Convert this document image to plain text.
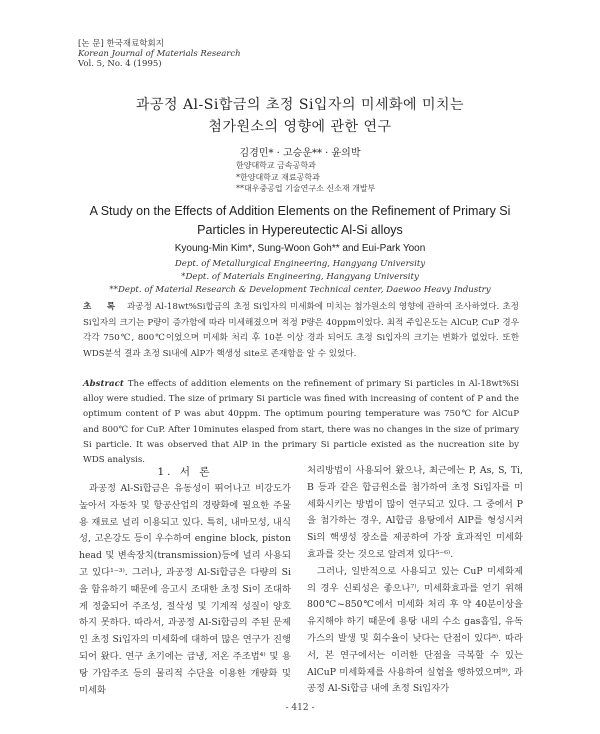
[논 문] 한국재료학회지
Korean Journal of Materials Research
Vol. 5, No. 4 (1995)
과공정 Al-Si합금의 초정 Si입자의 미세화에 미치는
첨가원소의 영향에 관한 연구
김경민* · 고승운** · 윤의박
한양대학교 금속공학과
*한양대학교 재료공학과
**대우중공업 기술연구소 신소재 개발부
A Study on the Effects of Addition Elements on the Refinement of Primary Si
Particles in Hypereutectic Al-Si alloys
Kyoung-Min Kim*, Sung-Woon Goh** and Eui-Park Yoon
Dept. of Metallurgical Engineering, Hangyang University
*Dept. of Materials Engineering, Hangyang University
**Dept. of Material Research & Development Technical center, Daewoo Heavy Industry
초 록 과공정 Al-18wt%Si합금의 초정 Si입자의 미세화에 미치는 첨가원소의 영향에 관하여 조사하였다. 초정Si입자의 크기는 P량이 증가함에 따라 미세해졌으며 적정 P량은 40ppm이었다. 최적 주입온도는 AlCuP, CuP 경우 각각 750℃, 800℃이었으며 미세화 처리 후 10분 이상 경과 되어도 초정 Si입자의 크기는 변화가 없었다. 또한 WDS분석 결과 초정 Si내에 AlP가 핵생성 site로 존재함을 알 수 있었다.
Abstract The effects of addition elements on the refinement of primary Si particles in Al-18wt%Si alloy were studied. The size of primary Si particle was fined with increasing of content of P and the optimum content of P was abut 40ppm. The optimum pouring temperature was 750℃ for AlCuP and 800℃ for CuP. After 10minutes elasped from start, there was no changes in the size of primary Si particle. It was observed that AlP in the primary Si particle existed as the nucreation site by WDS analysis.
1. 서 론

과공정 Al-Si합금은 유동성이 뛰어나고 비강도가 높아서 자동차 및 항공산업의 경량화에 필요한 주물용 재료로 널리 이용되고 있다. 특히, 내마모성, 내식성, 고온강도 등이 우수하여 engine block, piston head 및 변속장치(transmission)등에 널리 사용되고 있다¹⁻³⁾. 그러나, 과공정 Al-Si합금은 다량의 Si을 함유하기 때문에 응고시 조대한 초정 Si이 조대하게 정출되어 주조성, 절삭성 및 기계적 성질이 양호하지 못하다. 따라서, 과공정 Al-Si합금의 주된 문제인 초정 Si입자의 미세화에 대하여 많은 연구가 진행되어 왔다. 연구 초기에는 급냉, 저온 주조법⁴⁾ 및 용탕 가압주조 등의 물리적 수단을 이용한 개량화 및 미세화

처리방법이 사용되어 왔으나, 최근에는 P, As, S, Ti, B 등과 같은 합금원소를 첨가하여 초정 Si입자를 미세화시키는 방법이 많이 연구되고 있다. 그 중에서 P을 첨가하는 경우, Al합금 용탕에서 AlP를 형성시켜 Si의 핵생성 장소를 제공하여 가장 효과적인 미세화 효과를 갖는 것으로 알려져 있다⁵⁻⁶⁾.

그러나, 일반적으로 사용되고 있는 CuP 미세화제의 경우 신뢰성은 좋으나⁷⁾, 미세화효과를 얻기 위해 800℃~850℃에서 미세화 처리 후 약 40분이상을 유지해야 하기 때문에 용탕 내의 수소 gas흡입, 유독가스의 발생 및 회수율이 낮다는 단점이 있다⁸⁾. 따라서, 본 연구에서는 이러한 단점을 극복할 수 있는 AlCuP 미세화제를 사용하여 실험을 행하였으며⁹⁾, 과공정 Al-Si합금 내에 초정 Si입자가

- 412 -
